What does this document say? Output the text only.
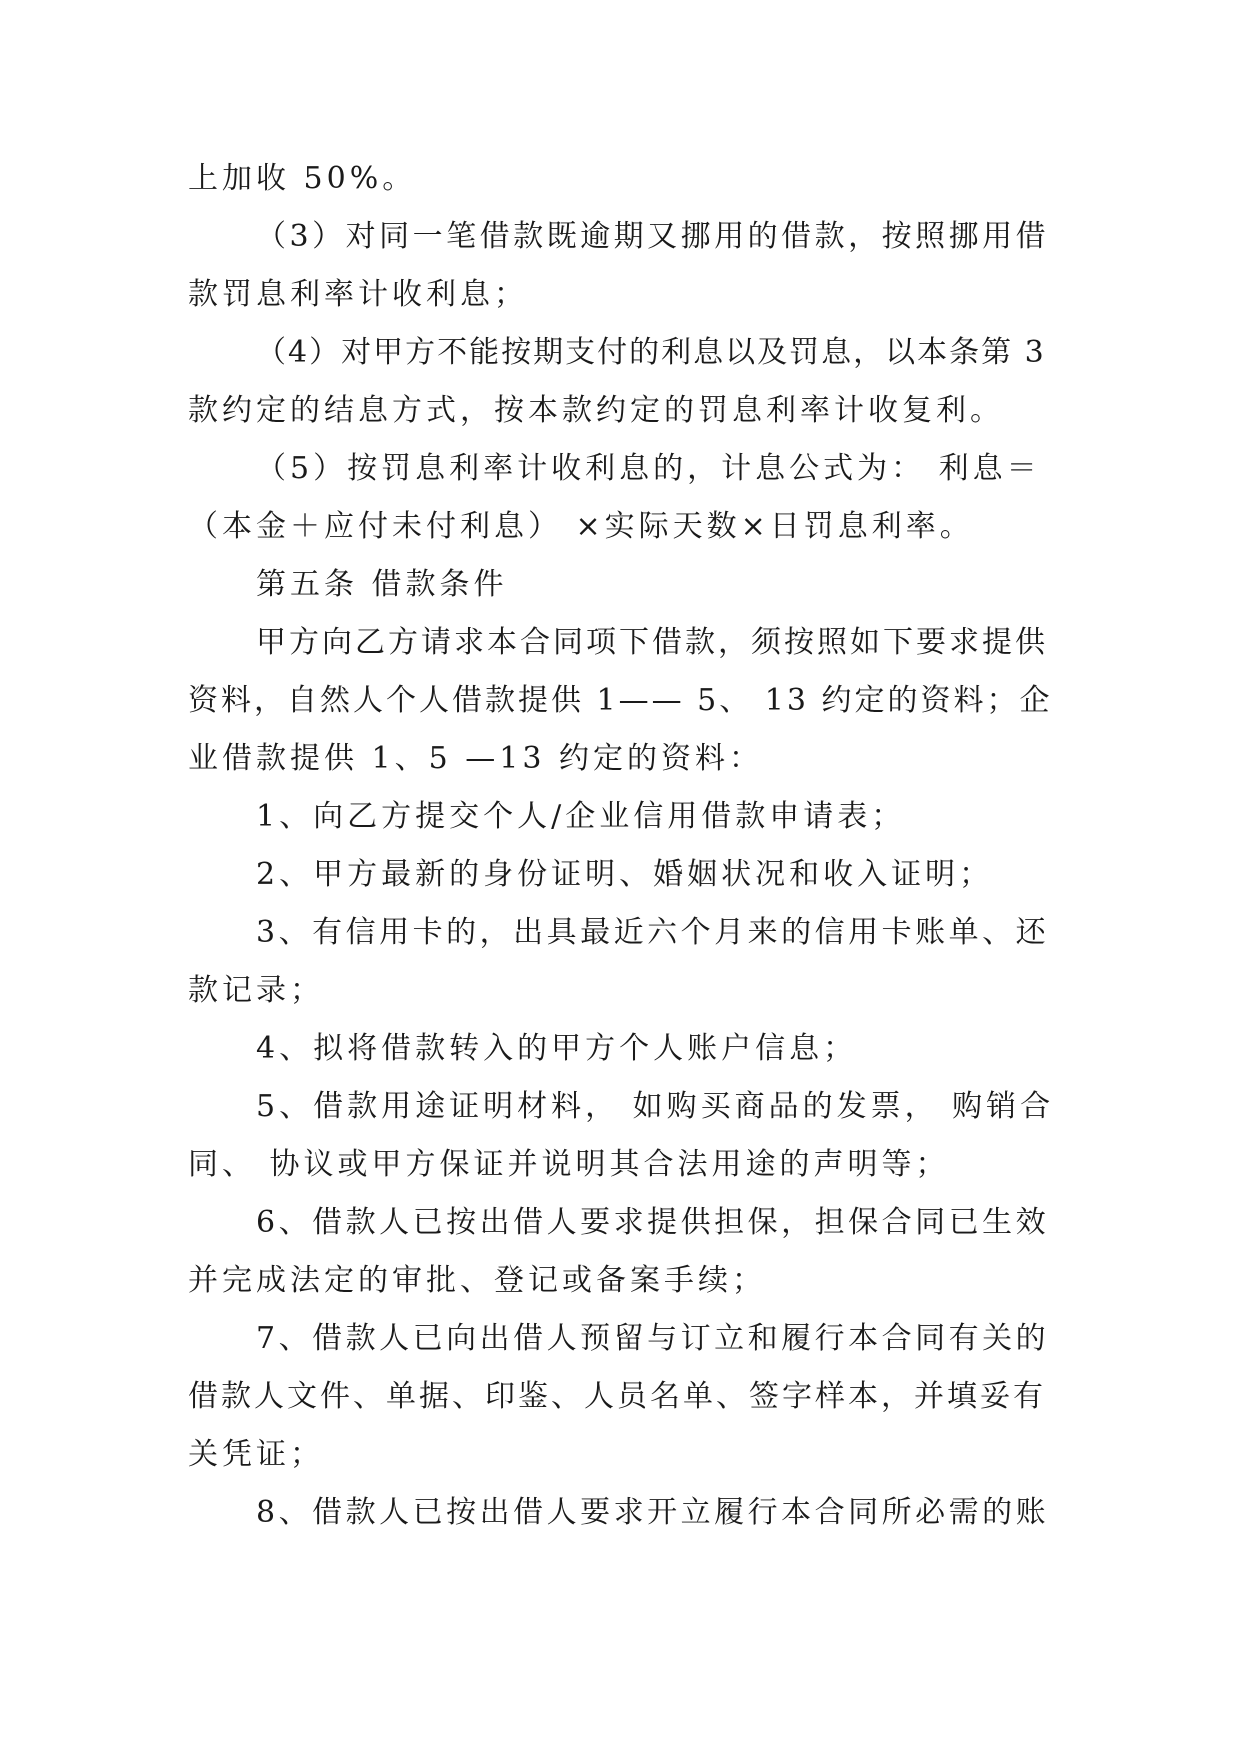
上加收 50%。
（3）对同一笔借款既逾期又挪用的借款，按照挪用借
款罚息利率计收利息；
（4）对甲方不能按期支付的利息以及罚息，以本条第 3
款约定的结息方式，按本款约定的罚息利率计收复利。
（5）按罚息利率计收利息的，计息公式为： 利息＝
（本金＋应付未付利息） ×实际天数×日罚息利率。
第五条 借款条件
甲方向乙方请求本合同项下借款，须按照如下要求提供
资料，自然人个人借款提供 1—— 5、 13 约定的资料；企
业借款提供 1、5 —13 约定的资料：
1、向乙方提交个人/企业信用借款申请表；
2、甲方最新的身份证明、婚姻状况和收入证明；
3、有信用卡的，出具最近六个月来的信用卡账单、还
款记录；
4、拟将借款转入的甲方个人账户信息；
5、借款用途证明材料， 如购买商品的发票， 购销合
同、 协议或甲方保证并说明其合法用途的声明等；
6、借款人已按出借人要求提供担保，担保合同已生效
并完成法定的审批、登记或备案手续；
7、借款人已向出借人预留与订立和履行本合同有关的
借款人文件、单据、印鉴、人员名单、签字样本，并填妥有
关凭证；
8、借款人已按出借人要求开立履行本合同所必需的账
